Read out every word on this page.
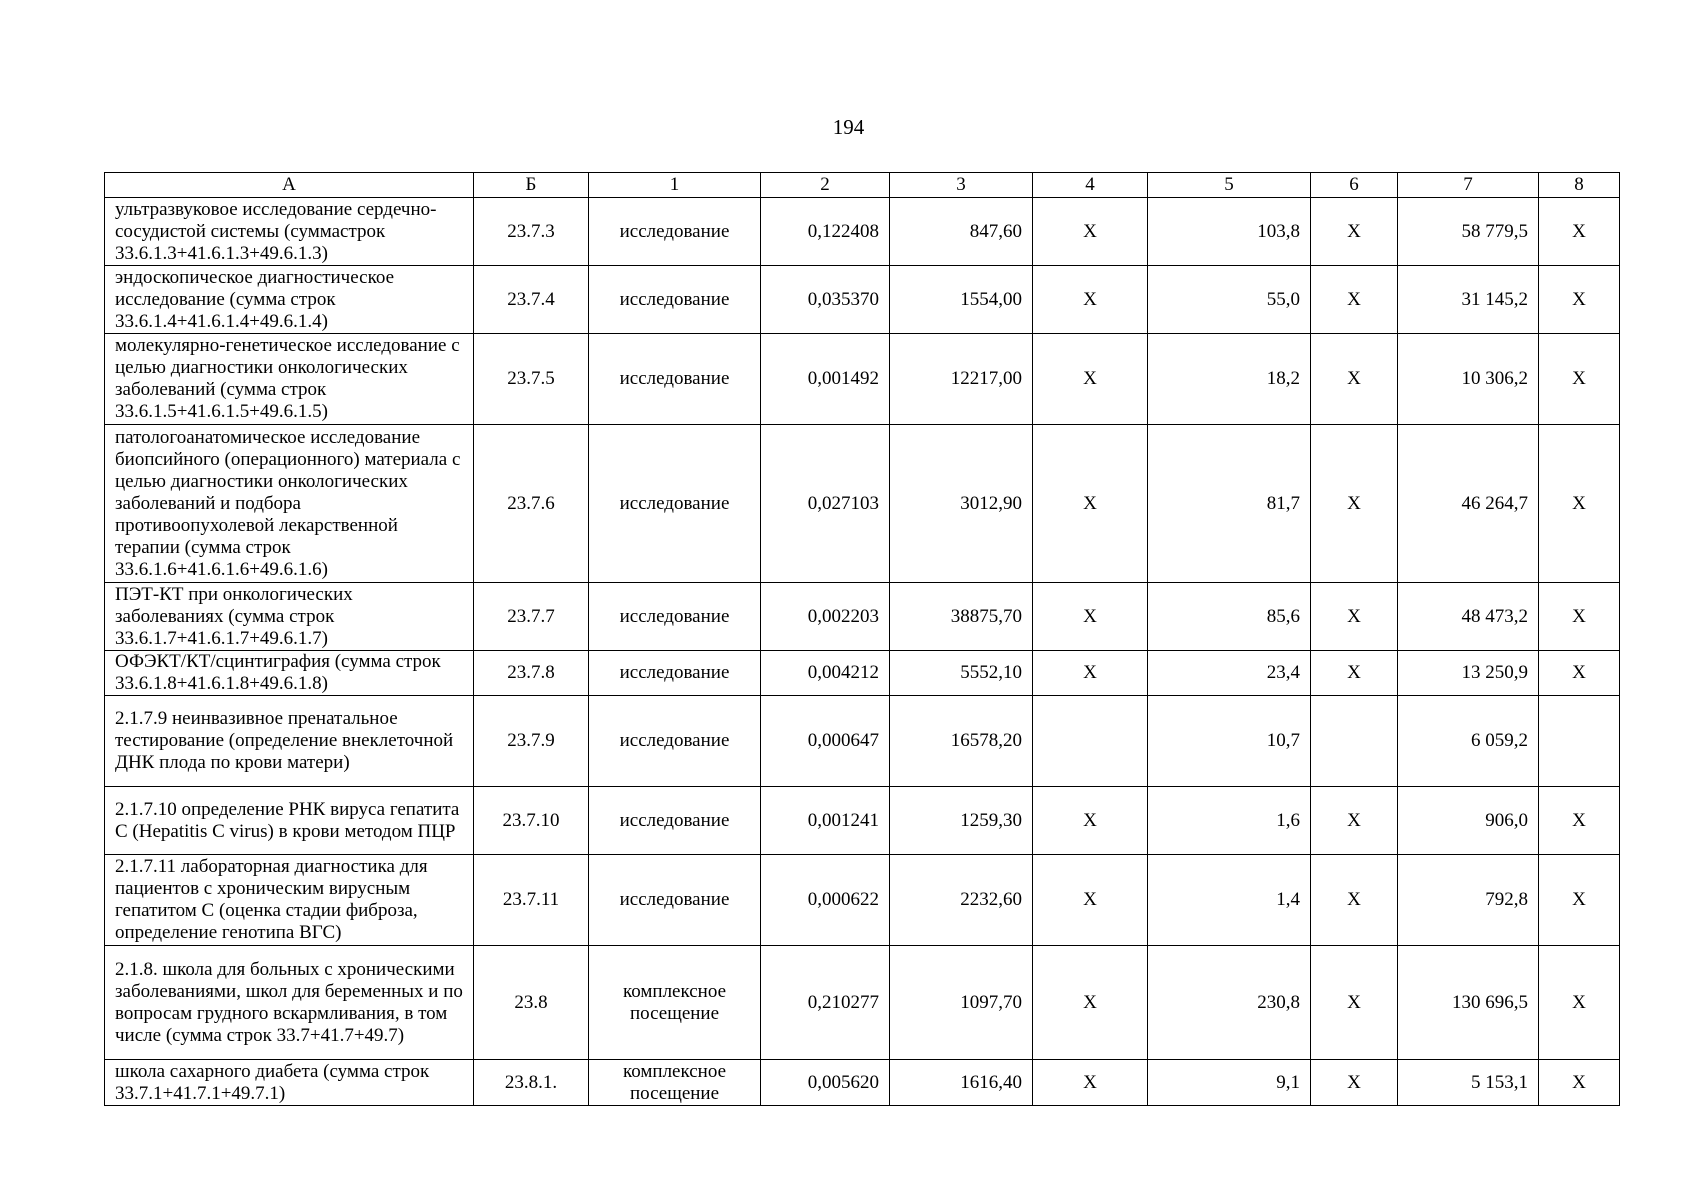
194
А	Б	1	2	3	4	5	6	7	8
ультразвуковое исследование сердечно-сосудистой системы (суммастрок 33.6.1.3+41.6.1.3+49.6.1.3)	23.7.3	исследование	0,122408	847,60	Х	103,8	Х	58 779,5	Х
эндоскопическое диагностическое исследование (сумма строк 33.6.1.4+41.6.1.4+49.6.1.4)	23.7.4	исследование	0,035370	1554,00	Х	55,0	Х	31 145,2	Х
молекулярно-генетическое исследование с целью диагностики онкологических заболеваний (сумма строк 33.6.1.5+41.6.1.5+49.6.1.5)	23.7.5	исследование	0,001492	12217,00	Х	18,2	Х	10 306,2	Х
патологоанатомическое исследование биопсийного (операционного) материала с целью диагностики онкологических заболеваний и подбора противоопухолевой лекарственной терапии (сумма строк 33.6.1.6+41.6.1.6+49.6.1.6)	23.7.6	исследование	0,027103	3012,90	Х	81,7	Х	46 264,7	Х
ПЭТ-КТ при онкологических заболеваниях (сумма строк 33.6.1.7+41.6.1.7+49.6.1.7)	23.7.7	исследование	0,002203	38875,70	Х	85,6	Х	48 473,2	Х
ОФЭКТ/КТ/сцинтиграфия (сумма строк 33.6.1.8+41.6.1.8+49.6.1.8)	23.7.8	исследование	0,004212	5552,10	Х	23,4	Х	13 250,9	Х
2.1.7.9 неинвазивное пренатальное тестирование (определение внеклеточной ДНК плода по крови матери)	23.7.9	исследование	0,000647	16578,20		10,7		6 059,2	
2.1.7.10 определение РНК вируса гепатита С (Hepatitis C virus) в крови методом ПЦР	23.7.10	исследование	0,001241	1259,30	Х	1,6	Х	906,0	Х
2.1.7.11 лабораторная диагностика для пациентов с хроническим вирусным гепатитом С (оценка стадии фиброза, определение генотипа ВГС)	23.7.11	исследование	0,000622	2232,60	Х	1,4	Х	792,8	Х
2.1.8. школа для больных с хроническими заболеваниями, школ для беременных и по вопросам грудного вскармливания, в том числе (сумма строк 33.7+41.7+49.7)	23.8	комплексное посещение	0,210277	1097,70	Х	230,8	Х	130 696,5	Х
школа сахарного диабета (сумма строк 33.7.1+41.7.1+49.7.1)	23.8.1.	комплексное посещение	0,005620	1616,40	Х	9,1	Х	5 153,1	Х
